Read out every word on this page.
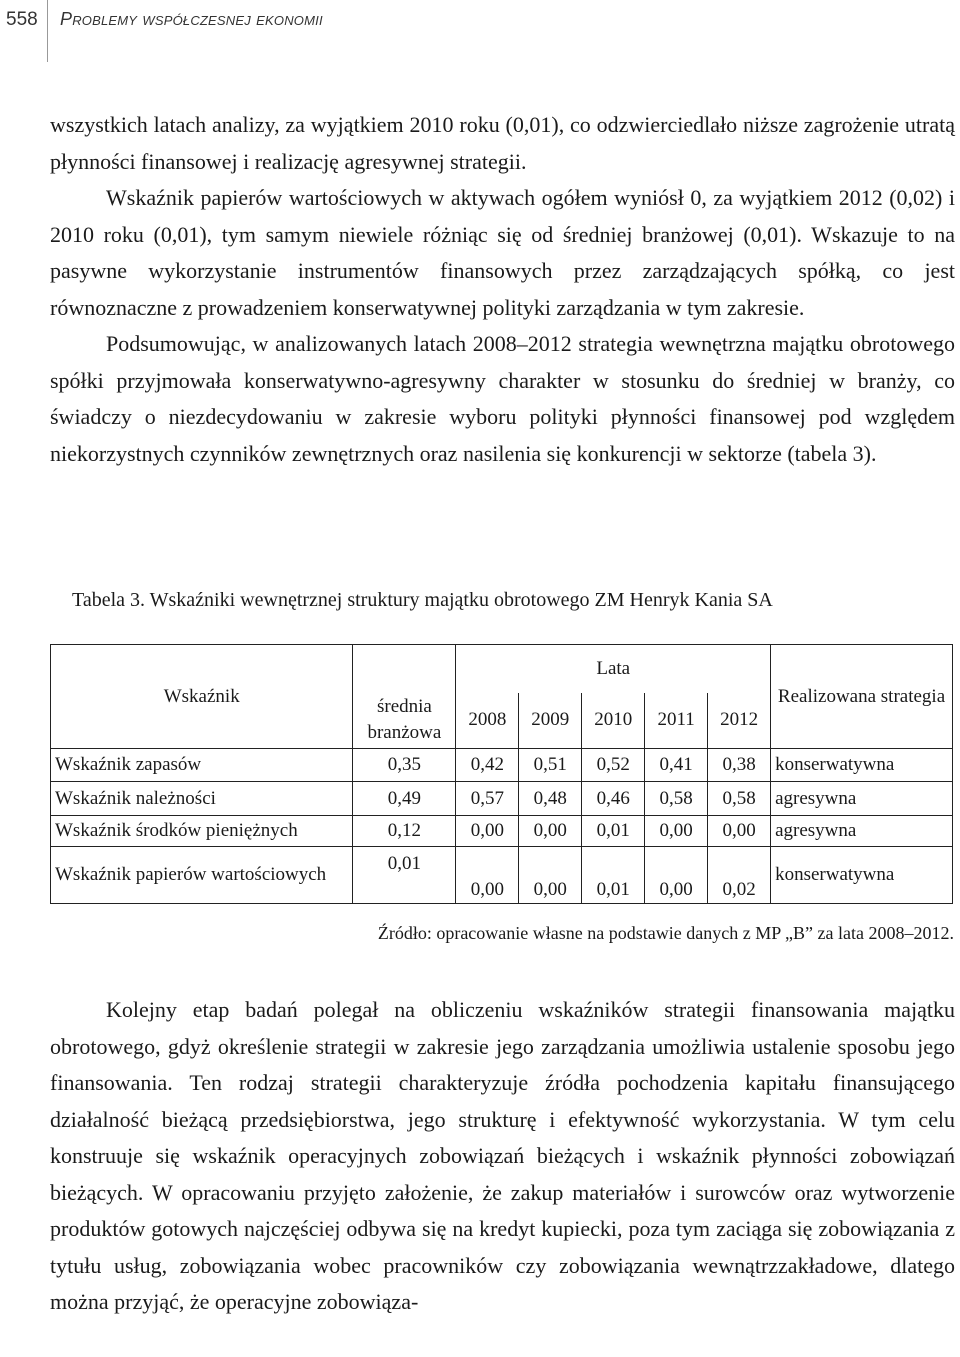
558 Problemy współczesnej ekonomii

wszystkich latach analizy, za wyjątkiem 2010 roku (0,01), co odzwierciedlało niższe zagrożenie utratą płynności finansowej i realizację agresywnej strategii.

Wskaźnik papierów wartościowych w aktywach ogółem wyniósł 0, za wyjątkiem 2012 (0,02) i 2010 roku (0,01), tym samym niewiele różniąc się od średniej branżowej (0,01). Wskazuje to na pasywne wykorzystanie instrumentów finansowych przez zarządzających spółką, co jest równoznaczne z prowadzeniem konserwatywnej polityki zarządzania w tym zakresie.

Podsumowując, w analizowanych latach 2008–2012 strategia wewnętrzna majątku obrotowego spółki przyjmowała konserwatywno-agresywny charakter w stosunku do średniej w branży, co świadczy o niezdecydowaniu w zakresie wyboru polityki płynności finansowej pod względem niekorzystnych czynników zewnętrznych oraz nasilenia się konkurencji w sektorze (tabela 3).

Tabela 3. Wskaźniki wewnętrznej struktury majątku obrotowego ZM Henryk Kania SA
Wskaźnik		Lata					Realizowana strategia
	średnia branżowa	2008	2009	2010	2011	2012	
Wskaźnik zapasów	0,35	0,42	0,51	0,52	0,41	0,38	konserwatywna
Wskaźnik należności	0,49	0,57	0,48	0,46	0,58	0,58	agresywna
Wskaźnik środków pieniężnych	0,12	0,00	0,00	0,01	0,00	0,00	agresywna
Wskaźnik papierów wartościowych	0,01	0,00	0,00	0,01	0,00	0,02	konserwatywna
Źródło: opracowanie własne na podstawie danych z MP „B” za lata 2008–2012.

Kolejny etap badań polegał na obliczeniu wskaźników strategii finansowania majątku obrotowego, gdyż określenie strategii w zakresie jego zarządzania umożliwia ustalenie sposobu jego finansowania. Ten rodzaj strategii charakteryzuje źródła pochodzenia kapitału finansującego działalność bieżącą przedsiębiorstwa, jego strukturę i efektywność wykorzystania. W tym celu konstruuje się wskaźnik operacyjnych zobowiązań bieżących i wskaźnik płynności zobowiązań bieżących. W opracowaniu przyjęto założenie, że zakup materiałów i surowców oraz wytworzenie produktów gotowych najczęściej odbywa się na kredyt kupiecki, poza tym zaciąga się zobowiązania z tytułu usług, zobowiązania wobec pracowników czy zobowiązania wewnątrzzakładowe, dlatego można przyjąć, że operacyjne zobowiąza-
